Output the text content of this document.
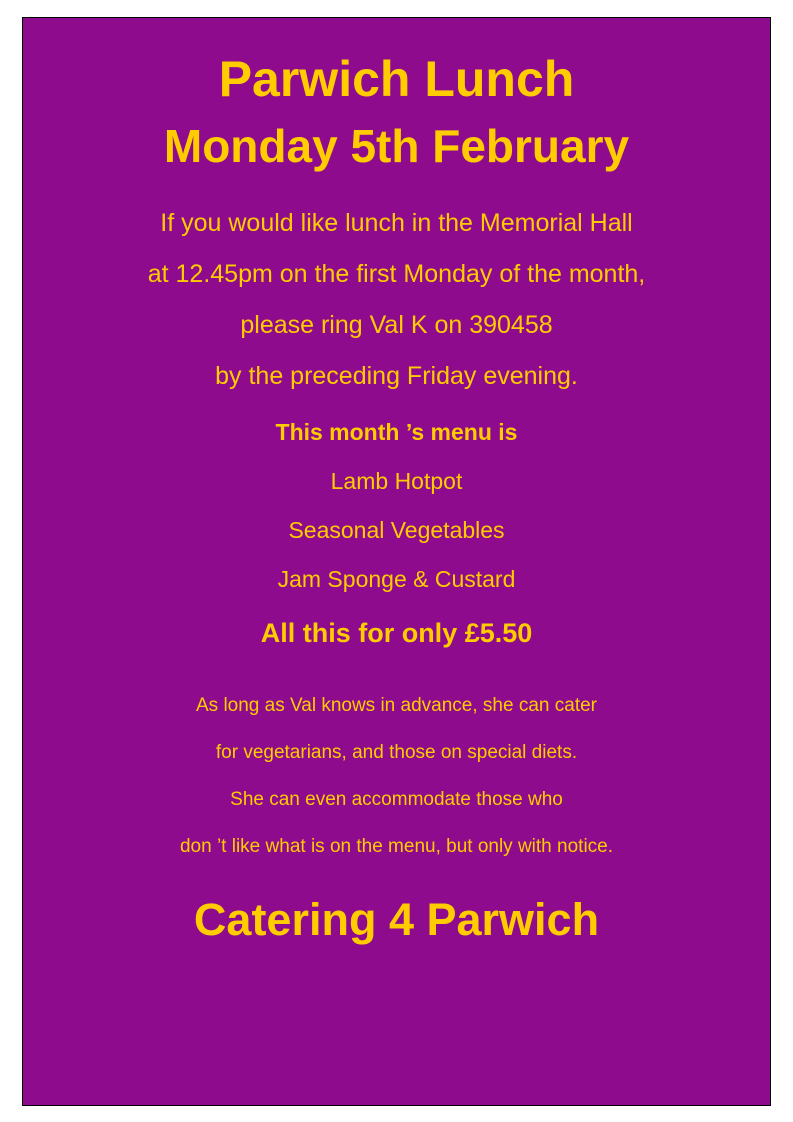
Parwich Lunch
Monday 5th February
If you would like lunch in the Memorial Hall
at 12.45pm on the first Monday of the month,
please ring Val K on 390458
by the preceding Friday evening.
This month ’s menu is
Lamb Hotpot
Seasonal Vegetables
Jam Sponge & Custard
All this for only £5.50
As long as Val knows in advance, she can cater
for vegetarians, and those on special diets.
She can even accommodate those who
don ’t like what is on the menu, but only with notice.
Catering 4 Parwich
